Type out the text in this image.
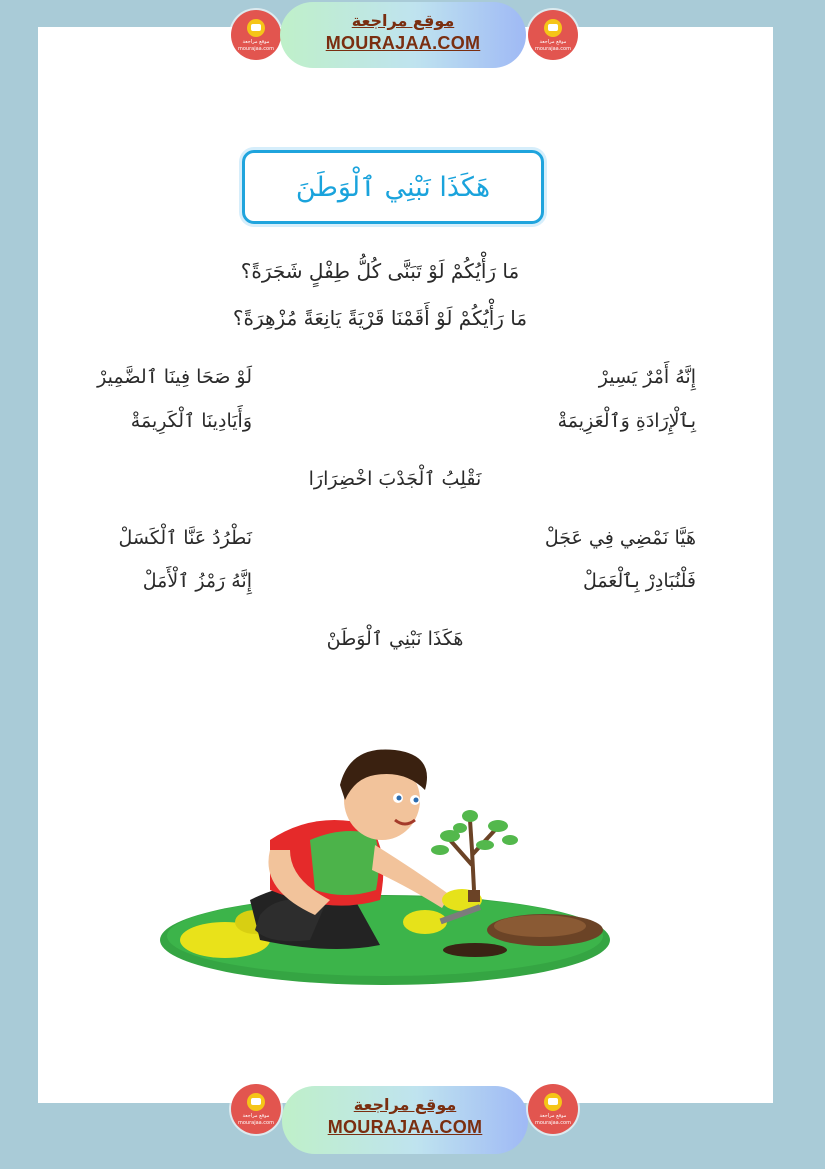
موقع مراجعة
mourajaa.com
موقع مراجعة
MOURAJAA.COM	موقع مراجعة
mourajaa.com
هَكَذَا نَبْنِي ٱلْوَطَنَ
مَا رَأْيُكُمْ لَوْ تَبَنَّى كُلُّ طِفْلٍ شَجَرَةً؟
مَا رَأْيُكُمْ لَوْ أَقَمْنَا قَرْيَةً يَانِعَةً مُزْهِرَةً؟
إِنَّهُ أَمْرٌ يَسِيرْ
لَوْ صَحَا فِينَا ٱلضَّمِيرْ
بِٱلْإِرَادَةِ وَٱلْعَزِيمَةْ
وَأَيَادِينَا ٱلْكَرِيمَةْ
نَقْلِبُ ٱلْجَدْبَ اخْضِرَارَا
هَيَّا نَمْضِي فِي عَجَلْ
نَطْرُدُ عَنَّا ٱلْكَسَلْ
فَلْنُبَادِرْ بِٱلْعَمَلْ
إِنَّهُ رَمْزُ ٱلْأَمَلْ
هَكَذَا نَبْنِي ٱلْوَطَنْ
موقع مراجعة
mourajaa.com
موقع مراجعة
MOURAJAA.COM
موقع مراجعة
mourajaa.com
